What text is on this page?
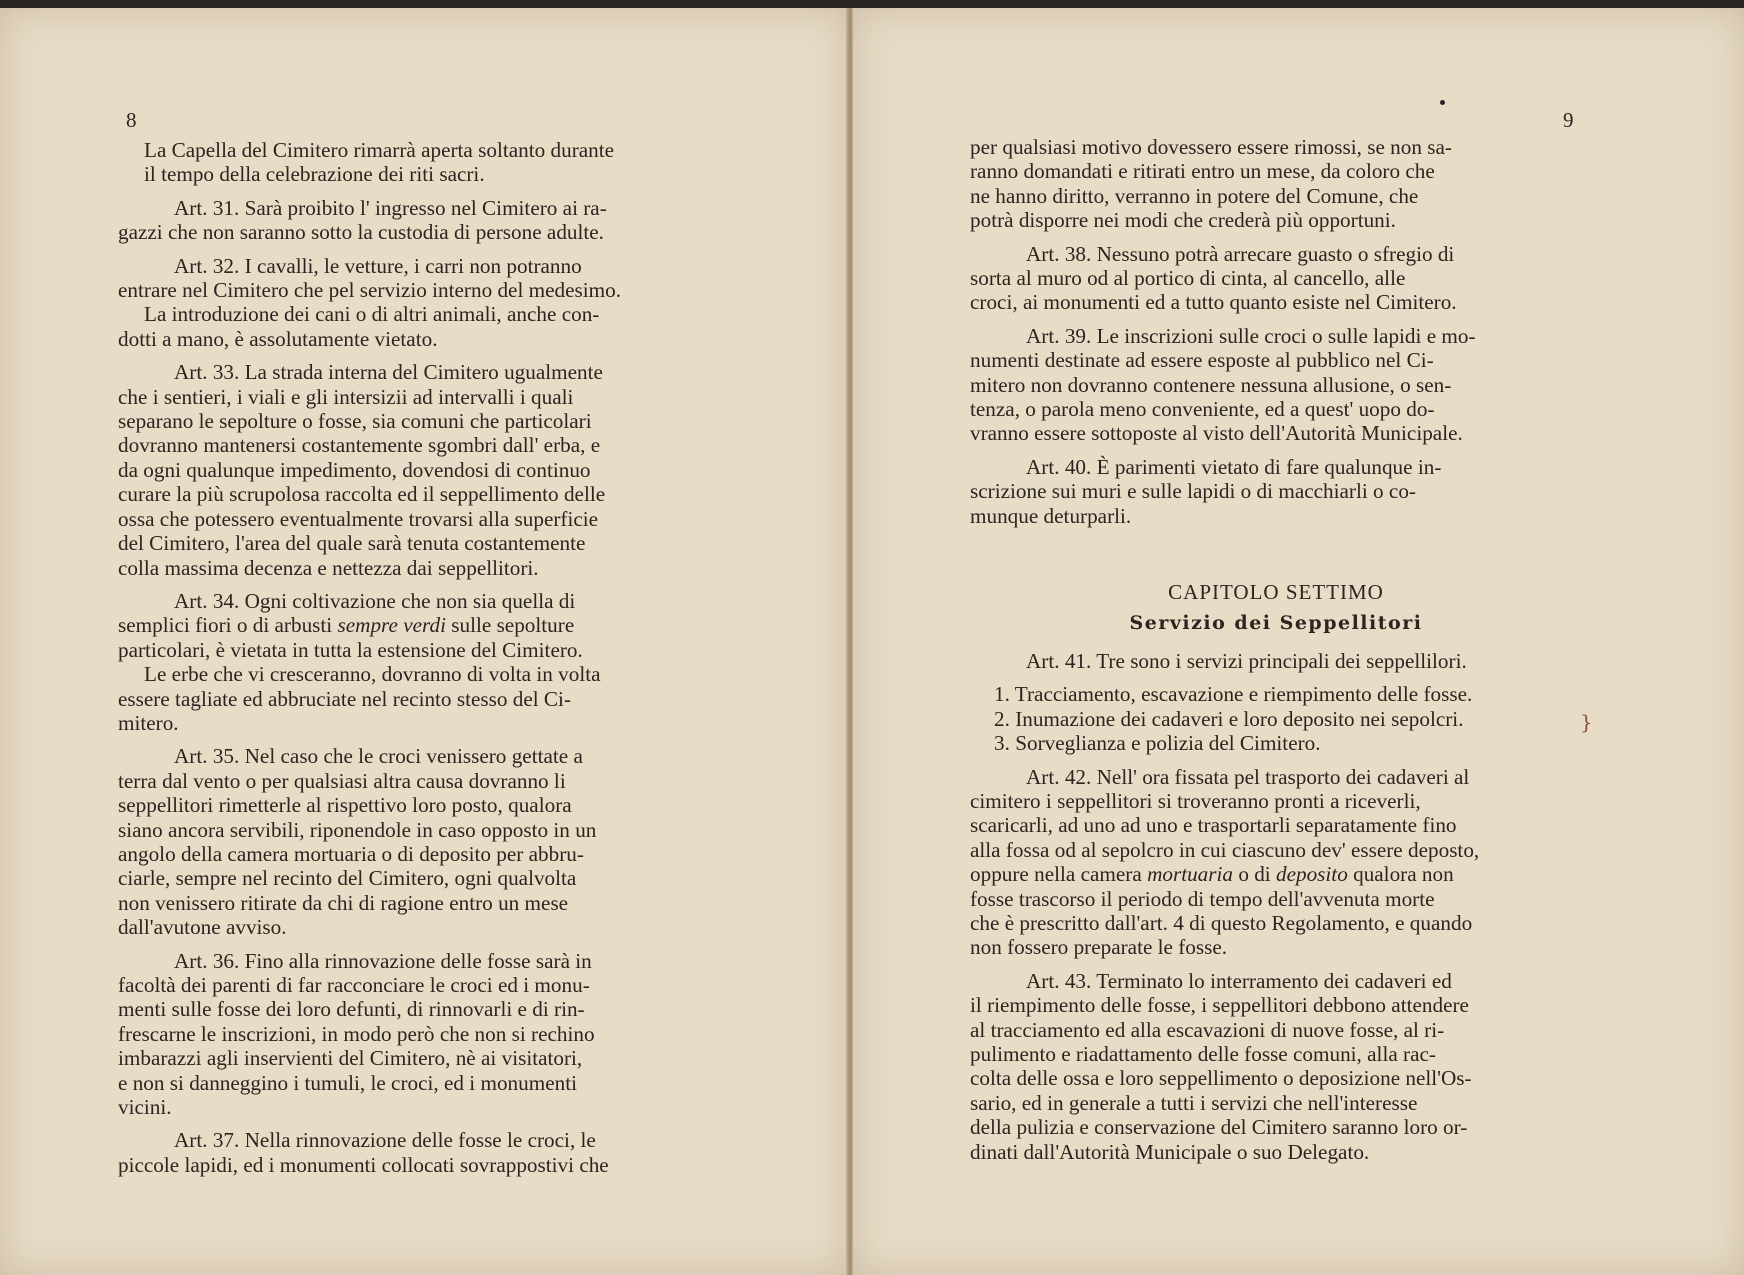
8
La Capella del Cimitero rimarrà aperta soltanto durante
il tempo della celebrazione dei riti sacri.
Art. 31. Sarà proibito l' ingresso nel Cimitero ai ra-
gazzi che non saranno sotto la custodia di persone adulte.
Art. 32. I cavalli, le vetture, i carri non potranno
entrare nel Cimitero che pel servizio interno del medesimo.
La introduzione dei cani o di altri animali, anche con-
dotti a mano, è assolutamente vietato.
Art. 33. La strada interna del Cimitero ugualmente
che i sentieri, i viali e gli intersizii ad intervalli i quali
separano le sepolture o fosse, sia comuni che particolari
dovranno mantenersi costantemente sgombri dall' erba, e
da ogni qualunque impedimento, dovendosi di continuo
curare la più scrupolosa raccolta ed il seppellimento delle
ossa che potessero eventualmente trovarsi alla superficie
del Cimitero, l'area del quale sarà tenuta costantemente
colla massima decenza e nettezza dai seppellitori.
Art. 34. Ogni coltivazione che non sia quella di
semplici fiori o di arbusti sempre verdi sulle sepolture
particolari, è vietata in tutta la estensione del Cimitero.
Le erbe che vi cresceranno, dovranno di volta in volta
essere tagliate ed abbruciate nel recinto stesso del Ci-
mitero.
Art. 35. Nel caso che le croci venissero gettate a
terra dal vento o per qualsiasi altra causa dovranno li
seppellitori rimetterle al rispettivo loro posto, qualora
siano ancora servibili, riponendole in caso opposto in un
angolo della camera mortuaria o di deposito per abbru-
ciarle, sempre nel recinto del Cimitero, ogni qualvolta
non venissero ritirate da chi di ragione entro un mese
dall'avutone avviso.
Art. 36. Fino alla rinnovazione delle fosse sarà in
facoltà dei parenti di far racconciare le croci ed i monu-
menti sulle fosse dei loro defunti, di rinnovarli e di rin-
frescarne le inscrizioni, in modo però che non si rechino
imbarazzi agli inservienti del Cimitero, nè ai visitatori,
e non si danneggino i tumuli, le croci, ed i monumenti
vicini.
Art. 37. Nella rinnovazione delle fosse le croci, le
piccole lapidi, ed i monumenti collocati sovrappostivi che
9
per qualsiasi motivo dovessero essere rimossi, se non sa-
ranno domandati e ritirati entro un mese, da coloro che
ne hanno diritto, verranno in potere del Comune, che
potrà disporre nei modi che crederà più opportuni.
Art. 38. Nessuno potrà arrecare guasto o sfregio di
sorta al muro od al portico di cinta, al cancello, alle
croci, ai monumenti ed a tutto quanto esiste nel Cimitero.
Art. 39. Le inscrizioni sulle croci o sulle lapidi e mo-
numenti destinate ad essere esposte al pubblico nel Ci-
mitero non dovranno contenere nessuna allusione, o sen-
tenza, o parola meno conveniente, ed a quest' uopo do-
vranno essere sottoposte al visto dell'Autorità Municipale.
Art. 40. È parimenti vietato di fare qualunque in-
scrizione sui muri e sulle lapidi o di macchiarli o co-
munque deturparli.
CAPITOLO SETTIMO
Servizio dei Seppellitori
Art. 41. Tre sono i servizi principali dei seppellilori.
1. Tracciamento, escavazione e riempimento delle fosse.
2. Inumazione dei cadaveri e loro deposito nei sepolcri.
3. Sorveglianza e polizia del Cimitero.
Art. 42. Nell' ora fissata pel trasporto dei cadaveri al
cimitero i seppellitori si troveranno pronti a riceverli,
scaricarli, ad uno ad uno e trasportarli separatamente fino
alla fossa od al sepolcro in cui ciascuno dev' essere deposto,
oppure nella camera mortuaria o di deposito qualora non
fosse trascorso il periodo di tempo dell'avvenuta morte
che è prescritto dall'art. 4 di questo Regolamento, e quando
non fossero preparate le fosse.
Art. 43. Terminato lo interramento dei cadaveri ed
il riempimento delle fosse, i seppellitori debbono attendere
al tracciamento ed alla escavazioni di nuove fosse, al ri-
pulimento e riadattamento delle fosse comuni, alla rac-
colta delle ossa e loro seppellimento o deposizione nell'Os-
sario, ed in generale a tutti i servizi che nell'interesse
della pulizia e conservazione del Cimitero saranno loro or-
dinati dall'Autorità Municipale o suo Delegato.
}
